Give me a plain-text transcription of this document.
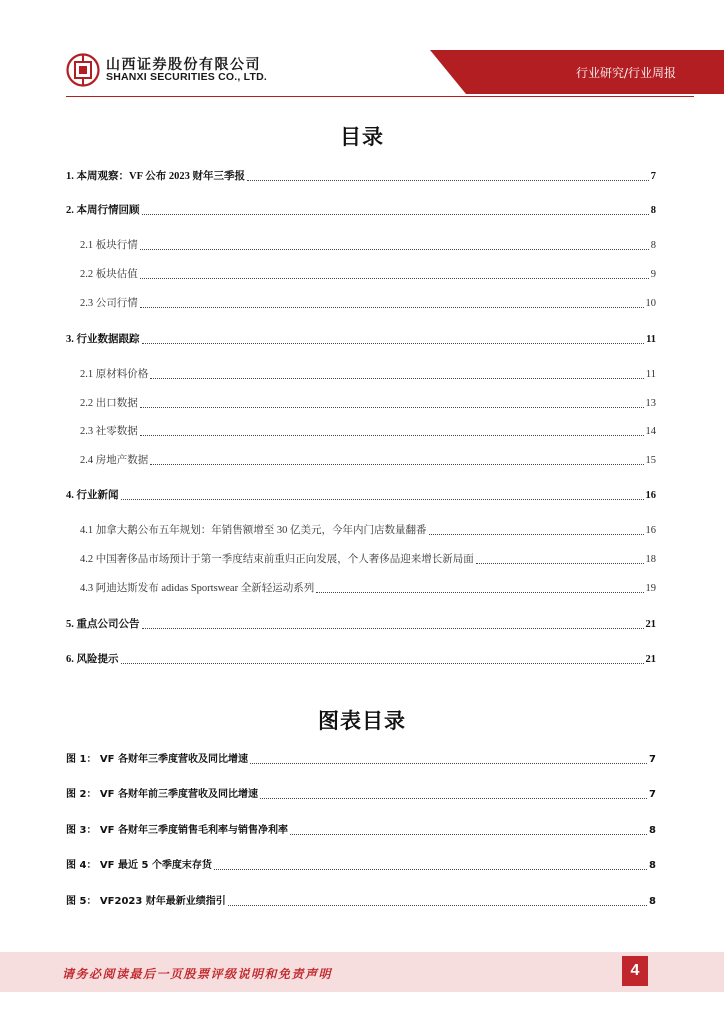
山西证券股份有限公司
SHANXI SECURITIES CO., LTD.	行业研究/行业周报
目录
1. 本周观察：VF 公布 2023 财年三季报	7
2. 本周行情回顾	8
2.1 板块行情	8
2.2 板块估值	9
2.3 公司行情	10
3. 行业数据跟踪	11
2.1 原材料价格	11
2.2 出口数据	13
2.3 社零数据	14
2.4 房地产数据	15
4. 行业新闻	16
4.1 加拿大鹅公布五年规划：年销售额增至 30 亿美元，今年内门店数量翻番	16
4.2 中国奢侈品市场预计于第一季度结束前重归正向发展，个人奢侈品迎来增长新局面	18
4.3 阿迪达斯发布 adidas Sportswear 全新轻运动系列	19
5. 重点公司公告	21
6. 风险提示	21
图表目录
图 1： VF 各财年三季度营收及同比增速	7
图 2： VF 各财年前三季度营收及同比增速	7
图 3： VF 各财年三季度销售毛利率与销售净利率	8
图 4： VF 最近 5 个季度末存货	8
图 5： VF2023 财年最新业绩指引	8
请务必阅读最后一页股票评级说明和免责声明	4
